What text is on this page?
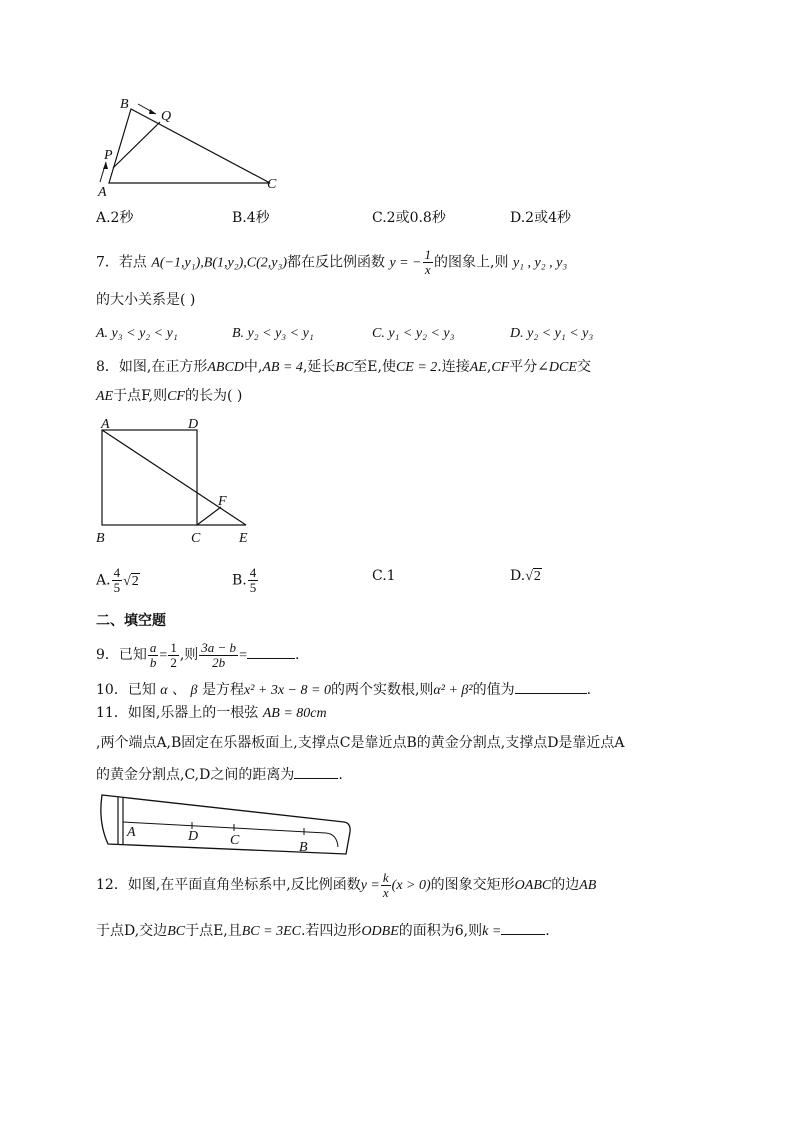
B
Q
P
A
C
A.2秒	B.4秒	C.2或0.8秒	D.2或4秒
7．若点 A(−1,y₁),B(1,y₂),C(2,y₃)都在反比例函数 y = − $\frac{1}{x}$ 的图象上,则 y₁ , y₂ , y₃
的大小关系是( )
A. y₃ < y₂ < y₁	B. y₂ < y₃ < y₁	C. y₁ < y₂ < y₃	D. y₂ < y₁ < y₃
8．如图,在正方形ABCD中,AB = 4,延长BC至E,使CE = 2.连接AE,CF平分∠DCE交
AE于点F,则CF的长为( )
A	D
F
B	C	E
A. $\frac{4}{5} √2$	B. $\frac{4}{5}$	C.1	D.√2
二、填空题
9．已知 $\frac{a}{b} = \frac{1}{2}$ ,则 $\frac{3a - b}{2b}$ =	.
10．已知 α 、 β 是方程x² + 3x − 8 = 0的两个实数根,则α² + β²的值为	.
11．如图,乐器上的一根弦 AB = 80cm
,两个端点A,B固定在乐器板面上,支撑点C是靠近点B的黄金分割点,支撑点D是靠近点A
的黄金分割点,C,D之间的距离为	.
A	D C	B
12．如图,在平面直角坐标系中,反比例函数$y = \frac{k}{x} (x > 0)$的图象交矩形OABC的边AB
于点D,交边BC于点E,且BC = 3EC.若四边形ODBE的面积为6,则k =	.
